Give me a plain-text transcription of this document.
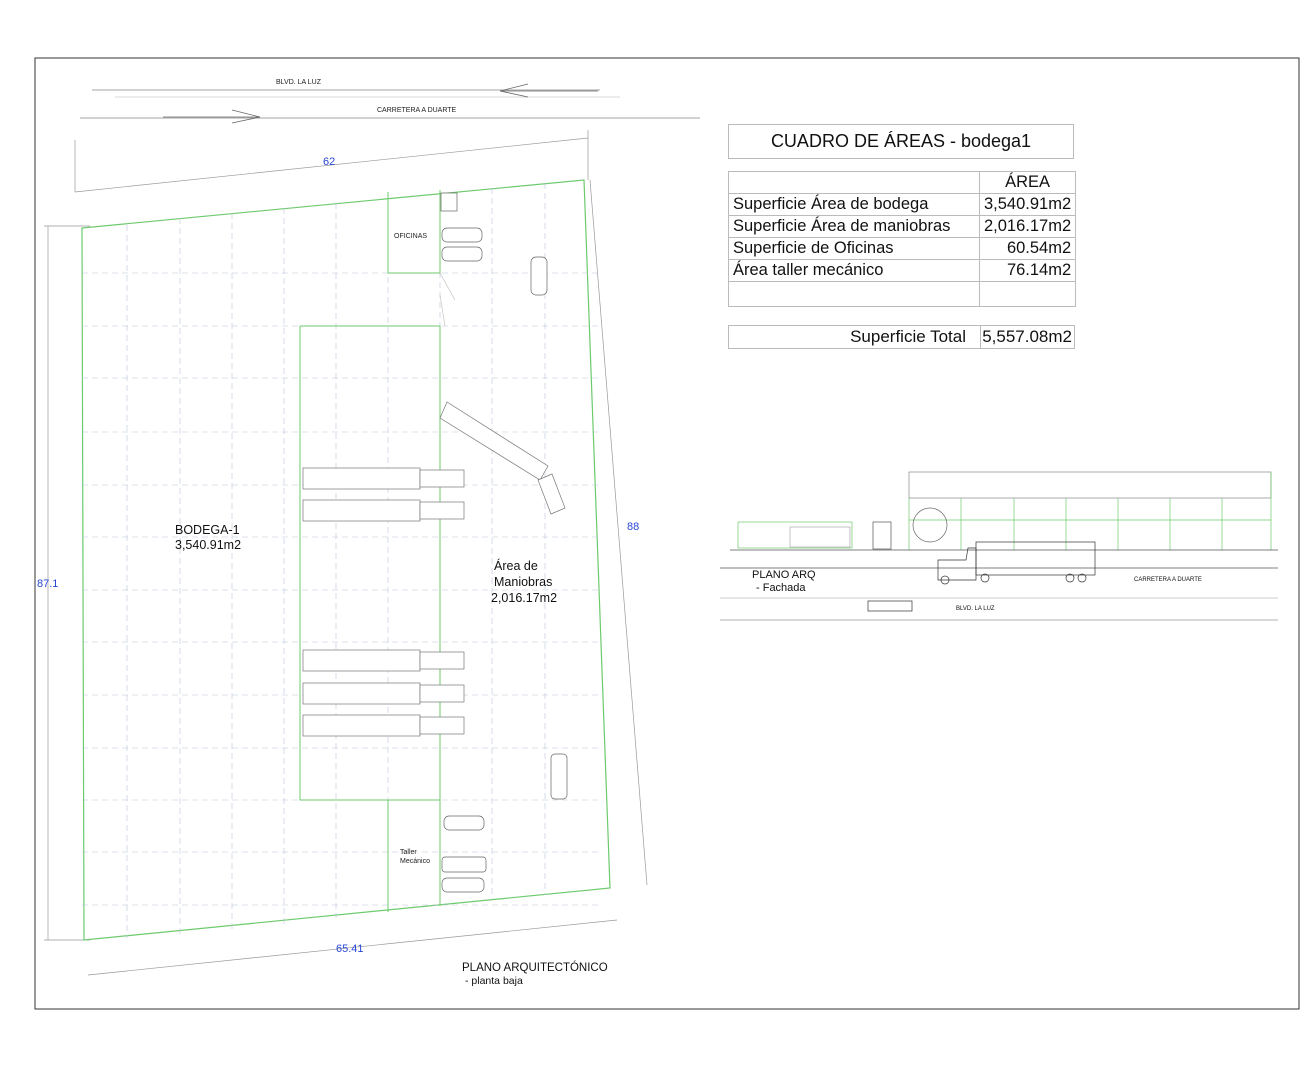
BLVD. LA LUZ
CARRETERA A DUARTE
62
87.1
88
65.41
OFICINAS
BODEGA-1
3,540.91m2
Área de
Maniobras
2,016.17m2
Taller
Mecánico
PLANO ARQUITECTÓNICO
- planta baja
CUADRO DE ÁREAS - bodega1
	ÁREA
Superficie Área de bodega	3,540.91m2
Superficie Área de maniobras	2,016.17m2
Superficie de Oficinas	60.54m2
Área taller mecánico	76.14m2

Superficie Total 5,557.08m2
PLANO ARQ
- Fachada
CARRETERA A DUARTE
BLVD. LA LUZ
